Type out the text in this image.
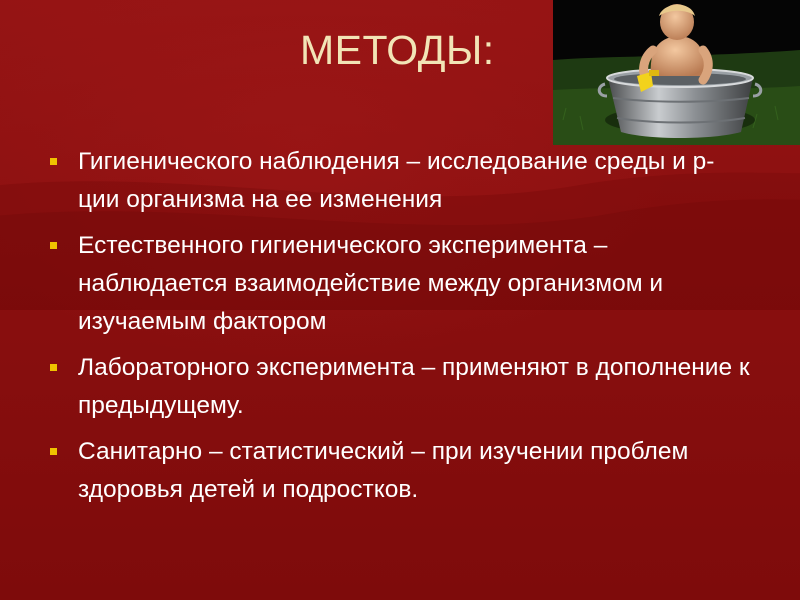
МЕТОДЫ:
Гигиенического наблюдения – исследование среды и р-ции организма на ее изменения
Естественного гигиенического эксперимента – наблюдается взаимодействие между организмом и изучаемым фактором
Лабораторного эксперимента – применяют в дополнение к предыдущему.
Санитарно – статистический – при изучении проблем здоровья детей и подростков.
